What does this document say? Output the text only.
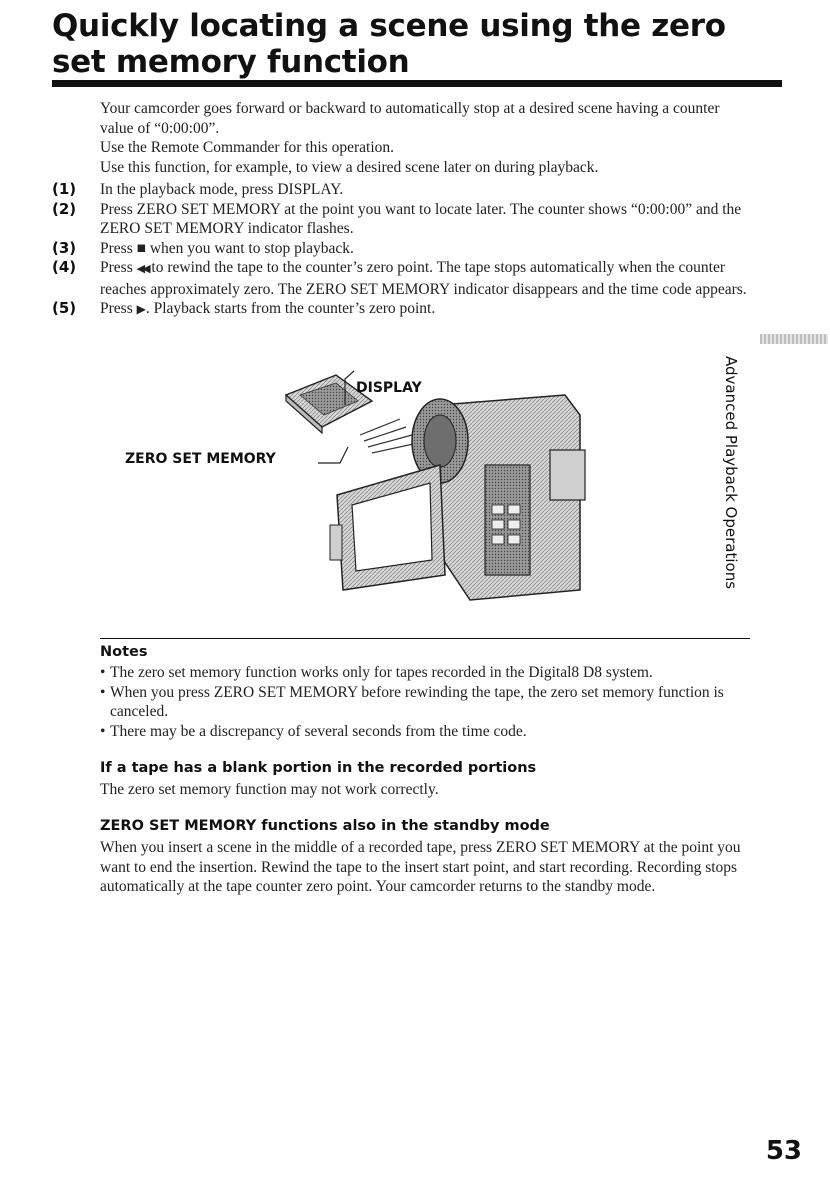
Quickly locating a scene using the zero set memory function

Your camcorder goes forward or backward to automatically stop at a desired scene having a counter value of “0:00:00”.

Use the Remote Commander for this operation.

Use this function, for example, to view a desired scene later on during playback.

(1) In the playback mode, press DISPLAY.
(2) Press ZERO SET MEMORY at the point you want to locate later. The counter shows “0:00:00” and the ZERO SET MEMORY indicator flashes.
(3) Press ■ when you want to stop playback.
(4) Press ◀◀ to rewind the tape to the counter’s zero point. The tape stops automatically when the counter reaches approximately zero. The ZERO SET MEMORY indicator disappears and the time code appears.
(5) Press ▶. Playback starts from the counter’s zero point.
DISPLAY
ZERO SET MEMORY	Advanced Playback Operations
Notes
• The zero set memory function works only for tapes recorded in the Digital8 D8 system.
• When you press ZERO SET MEMORY before rewinding the tape, the zero set memory function is canceled.
• There may be a discrepancy of several seconds from the time code.
If a tape has a blank portion in the recorded portions
The zero set memory function may not work correctly.
ZERO SET MEMORY functions also in the standby mode
When you insert a scene in the middle of a recorded tape, press ZERO SET MEMORY at the point you want to end the insertion. Rewind the tape to the insert start point, and start recording. Recording stops automatically at the tape counter zero point. Your camcorder returns to the standby mode.
53
